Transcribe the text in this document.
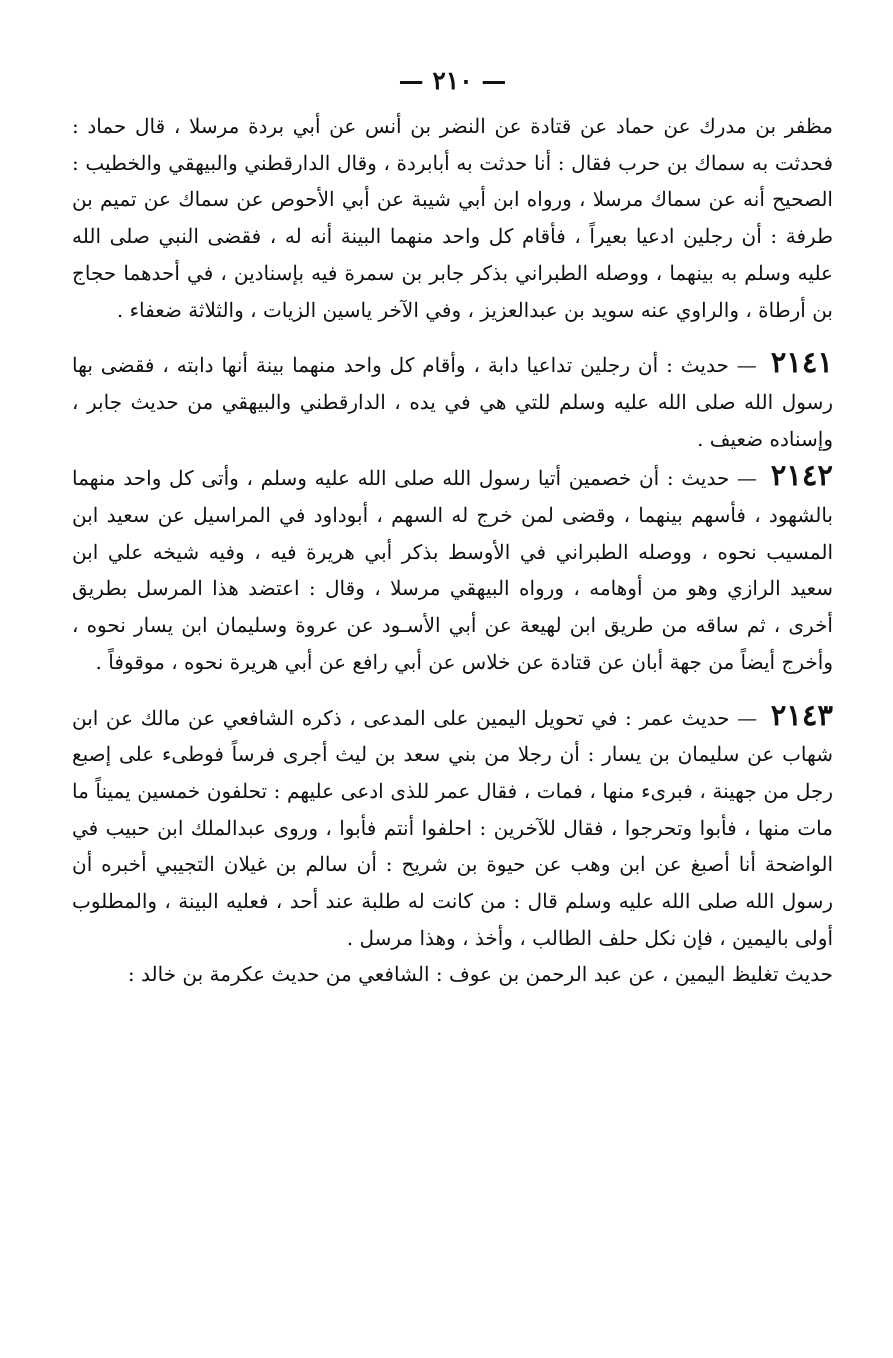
— ٢١٠ —

مظفر بن مدرك عن حماد عن قتادة عن النضر بن أنس عن أبي بردة مرسلا ، قال حماد : فحدثت به سماك بن حرب فقال : أنا حدثت به أبابردة ، وقال الدارقطني والبيهقي والخطيب : الصحيح أنه عن سماك مرسلا ، ورواه ابن أبي شيبة عن أبي الأحوص عن سماك عن تميم بن طرفة : أن رجلين ادعيا بعيراً ، فأقام كل واحد منهما البينة أنه له ، فقضى النبي صلى الله عليه وسلم به بينهما ، ووصله الطبراني بذكر جابر بن سمرة فيه بإسنادين ، في أحدهما حجاج بن أرطاة ، والراوي عنه سويد بن عبدالعزيز ، وفي الآخر ياسين الزيات ، والثلاثة ضعفاء .

٢١٤١ — حديث : أن رجلين تداعيا دابة ، وأقام كل واحد منهما بينة أنها دابته ، فقضى بها رسول الله صلى الله عليه وسلم للتي هي في يده ، الدارقطني والبيهقي من حديث جابر ، وإسناده ضعيف .

٢١٤٢ — حديث : أن خصمين أتيا رسول الله صلى الله عليه وسلم ، وأتى كل واحد منهما بالشهود ، فأسهم بينهما ، وقضى لمن خرج له السهم ، أبوداود في المراسيل عن سعيد ابن المسيب نحوه ، ووصله الطبراني في الأوسط بذكر أبي هريرة فيه ، وفيه شيخه علي ابن سعيد الرازي وهو من أوهامه ، ورواه البيهقي مرسلا ، وقال : اعتضد هذا المرسل بطريق أخرى ، ثم ساقه من طريق ابن لهيعة عن أبي الأسـود عن عروة وسليمان ابن يسار نحوه ، وأخرج أيضاً من جهة أبان عن قتادة عن خلاس عن أبي رافع عن أبي هريرة نحوه ، موقوفاً .

٢١٤٣ — حديث عمر : في تحويل اليمين على المدعى ، ذكره الشافعي عن مالك عن ابن شهاب عن سليمان بن يسار : أن رجلا من بني سعد بن ليث أجرى فرساً فوطىء على إصبع رجل من جهينة ، فبرىء منها ، فمات ، فقال عمر للذى ادعى عليهم : تحلفون خمسين يميناً ما مات منها ، فأبوا وتحرجوا ، فقال للآخرين : احلفوا أنتم فأبوا ، وروى عبدالملك ابن حبيب في الواضحة أنا أصبغ عن ابن وهب عن حيوة بن شريح : أن سالم بن غيلان التجيبي أخبره أن رسول الله صلى الله عليه وسلم قال : من كانت له طلبة عند أحد ، فعليه البينة ، والمطلوب أولى باليمين ، فإن نكل حلف الطالب ، وأخذ ، وهذا مرسل .

حديث تغليظ اليمين ، عن عبد الرحمن بن عوف : الشافعي من حديث عكرمة بن خالد :
